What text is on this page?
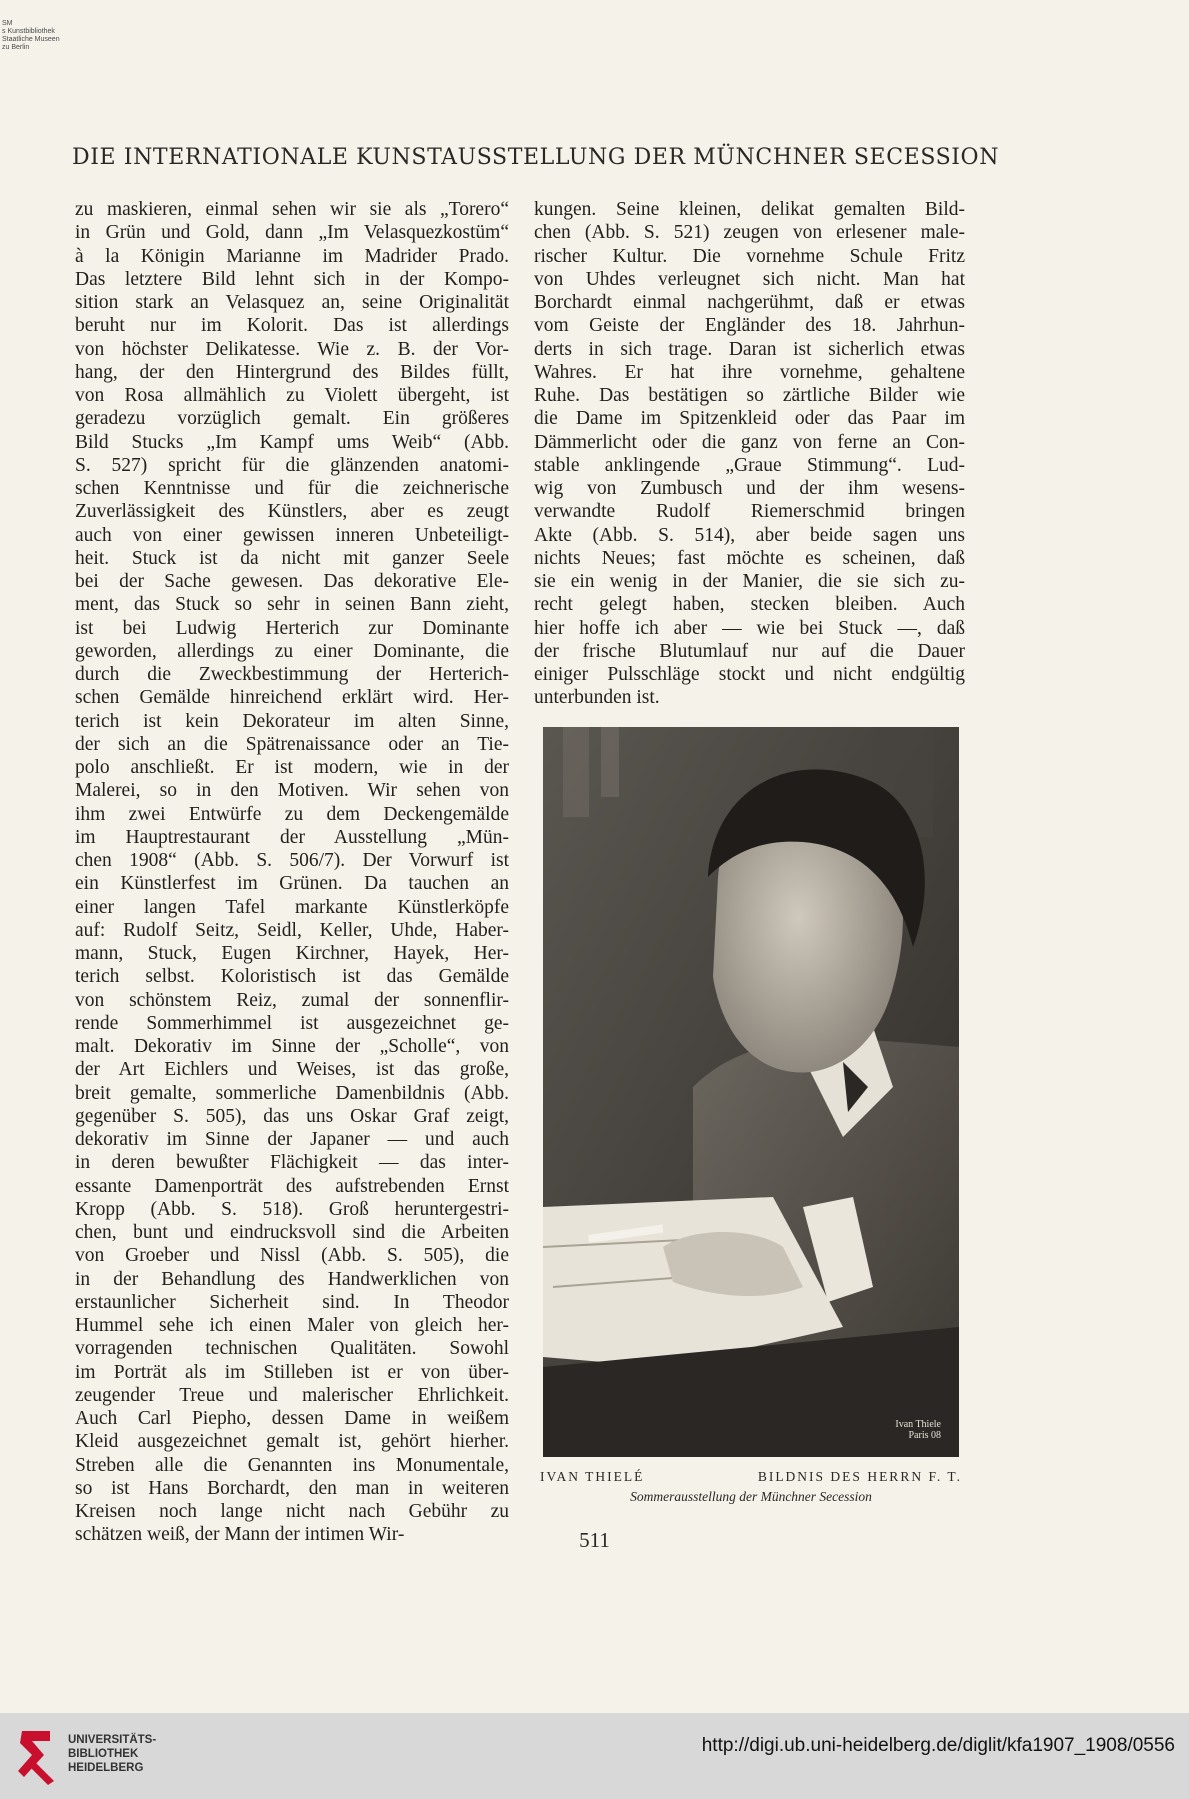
SM
s Kunstbibliothek
Staatliche Museen
zu Berlin
DIE INTERNATIONALE KUNSTAUSSTELLUNG DER MÜNCHNER SECESSION
zu maskieren, einmal sehen wir sie als „Torero“
in Grün und Gold, dann „Im Velasquezkostüm“
à la Königin Marianne im Madrider Prado.
Das letztere Bild lehnt sich in der Kompo-
sition stark an Velasquez an, seine Originalität
beruht nur im Kolorit. Das ist allerdings
von höchster Delikatesse. Wie z. B. der Vor-
hang, der den Hintergrund des Bildes füllt,
von Rosa allmählich zu Violett übergeht, ist
geradezu vorzüglich gemalt. Ein größeres
Bild Stucks „Im Kampf ums Weib“ (Abb.
S. 527) spricht für die glänzenden anatomi-
schen Kenntnisse und für die zeichnerische
Zuverlässigkeit des Künstlers, aber es zeugt
auch von einer gewissen inneren Unbeteiligt-
heit. Stuck ist da nicht mit ganzer Seele
bei der Sache gewesen. Das dekorative Ele-
ment, das Stuck so sehr in seinen Bann zieht,
ist bei Ludwig Herterich zur Dominante
geworden, allerdings zu einer Dominante, die
durch die Zweckbestimmung der Herterich-
schen Gemälde hinreichend erklärt wird. Her-
terich ist kein Dekorateur im alten Sinne,
der sich an die Spätrenaissance oder an Tie-
polo anschließt. Er ist modern, wie in der
Malerei, so in den Motiven. Wir sehen von
ihm zwei Entwürfe zu dem Deckengemälde
im Hauptrestaurant der Ausstellung „Mün-
chen 1908“ (Abb. S. 506/7). Der Vorwurf ist
ein Künstlerfest im Grünen. Da tauchen an
einer langen Tafel markante Künstlerköpfe
auf: Rudolf Seitz, Seidl, Keller, Uhde, Haber-
mann, Stuck, Eugen Kirchner, Hayek, Her-
terich selbst. Koloristisch ist das Gemälde
von schönstem Reiz, zumal der sonnenflir-
rende Sommerhimmel ist ausgezeichnet ge-
malt. Dekorativ im Sinne der „Scholle“, von
der Art Eichlers und Weises, ist das große,
breit gemalte, sommerliche Damenbildnis (Abb.
gegenüber S. 505), das uns Oskar Graf zeigt,
dekorativ im Sinne der Japaner — und auch
in deren bewußter Flächigkeit — das inter-
essante Damenporträt des aufstrebenden Ernst
Kropp (Abb. S. 518). Groß heruntergestri-
chen, bunt und eindrucksvoll sind die Arbeiten
von Groeber und Nissl (Abb. S. 505), die
in der Behandlung des Handwerklichen von
erstaunlicher Sicherheit sind. In Theodor
Hummel sehe ich einen Maler von gleich her-
vorragenden technischen Qualitäten. Sowohl
im Porträt als im Stilleben ist er von über-
zeugender Treue und malerischer Ehrlichkeit.
Auch Carl Piepho, dessen Dame in weißem
Kleid ausgezeichnet gemalt ist, gehört hierher.
Streben alle die Genannten ins Monumentale,
so ist Hans Borchardt, den man in weiteren
Kreisen noch lange nicht nach Gebühr zu
schätzen weiß, der Mann der intimen Wir-
kungen. Seine kleinen, delikat gemalten Bild-
chen (Abb. S. 521) zeugen von erlesener male-
rischer Kultur. Die vornehme Schule Fritz
von Uhdes verleugnet sich nicht. Man hat
Borchardt einmal nachgerühmt, daß er etwas
vom Geiste der Engländer des 18. Jahrhun-
derts in sich trage. Daran ist sicherlich etwas
Wahres. Er hat ihre vornehme, gehaltene
Ruhe. Das bestätigen so zärtliche Bilder wie
die Dame im Spitzenkleid oder das Paar im
Dämmerlicht oder die ganz von ferne an Con-
stable anklingende „Graue Stimmung“. Lud-
wig von Zumbusch und der ihm wesens-
verwandte Rudolf Riemerschmid bringen
Akte (Abb. S. 514), aber beide sagen uns
nichts Neues; fast möchte es scheinen, daß
sie ein wenig in der Manier, die sie sich zu-
recht gelegt haben, stecken bleiben. Auch
hier hoffe ich aber — wie bei Stuck —, daß
der frische Blutumlauf nur auf die Dauer
einiger Pulsschläge stockt und nicht endgültig
unterbunden ist.
Ivan Thiele
Paris 08
IVAN THIELÉ	BILDNIS DES HERRN F. T.
Sommerausstellung der Münchner Secession
511
UNIVERSITÄTS-
BIBLIOTHEK
HEIDELBERG
http://digi.ub.uni-heidelberg.de/diglit/kfa1907_1908/0556
